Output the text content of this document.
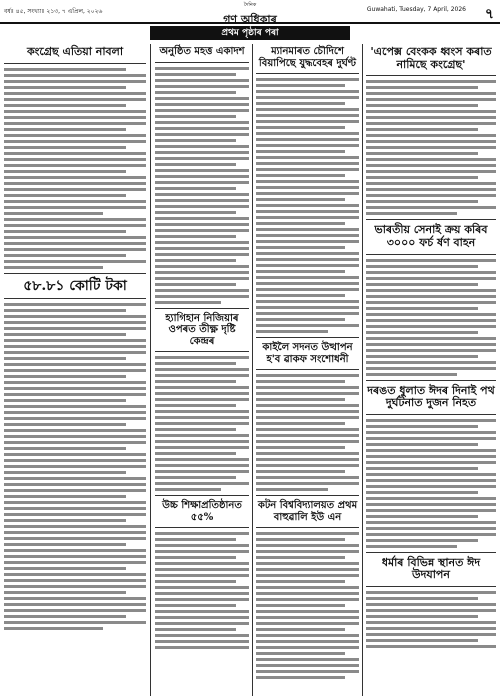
বৰ্ষঃ ৪৫, সংখ্যাঃ ২১৩, ৭ এপ্ৰিল, ২০২৬
দৈনিক
গণ অধিকাৰ
Guwahati, Tuesday, 7 April, 2026 ৭
প্ৰথম পৃষ্ঠাৰ পৰা
কংগ্ৰেছ এতিয়া নাবলা
৫৮.৮১ কোটি টকা
অনুষ্ঠিত মহত্ত একাদশ
হ্যাগিহান নিজিয়াৰ ওপৰত তীক্ষ্ণ দৃষ্টি কেন্দ্ৰৰ
উচ্চ শিক্ষাপ্ৰতিষ্ঠানত ৫৫%
ম্যানমাৰত চৌদিশে বিয়াপিছে যুদ্ধবেহৰ দুৰ্ঘণ্ট
কাইলৈ সদনত উত্থাপন হ'ব ৱাকফ সংশোধনী
কটন বিশ্ববিদ্যালয়ত প্ৰথম বাহুৱালি ইউ এন
'এপেক্স বেংকক ধ্বংস কৰাত নামিছে কংগ্ৰেছ'
ভাৰতীয় সেনাই ক্ৰয় কৰিব ৩০০০ ফৰ্চ ৰ্ষণ বাহন
দৰঙত ধুলাত ঈদৰ দিনাই পথ দুৰ্ঘটনাত দুজন নিহত
ধৰ্মাৰ বিভিন্ন স্থানত ঈদ উদযাপন
